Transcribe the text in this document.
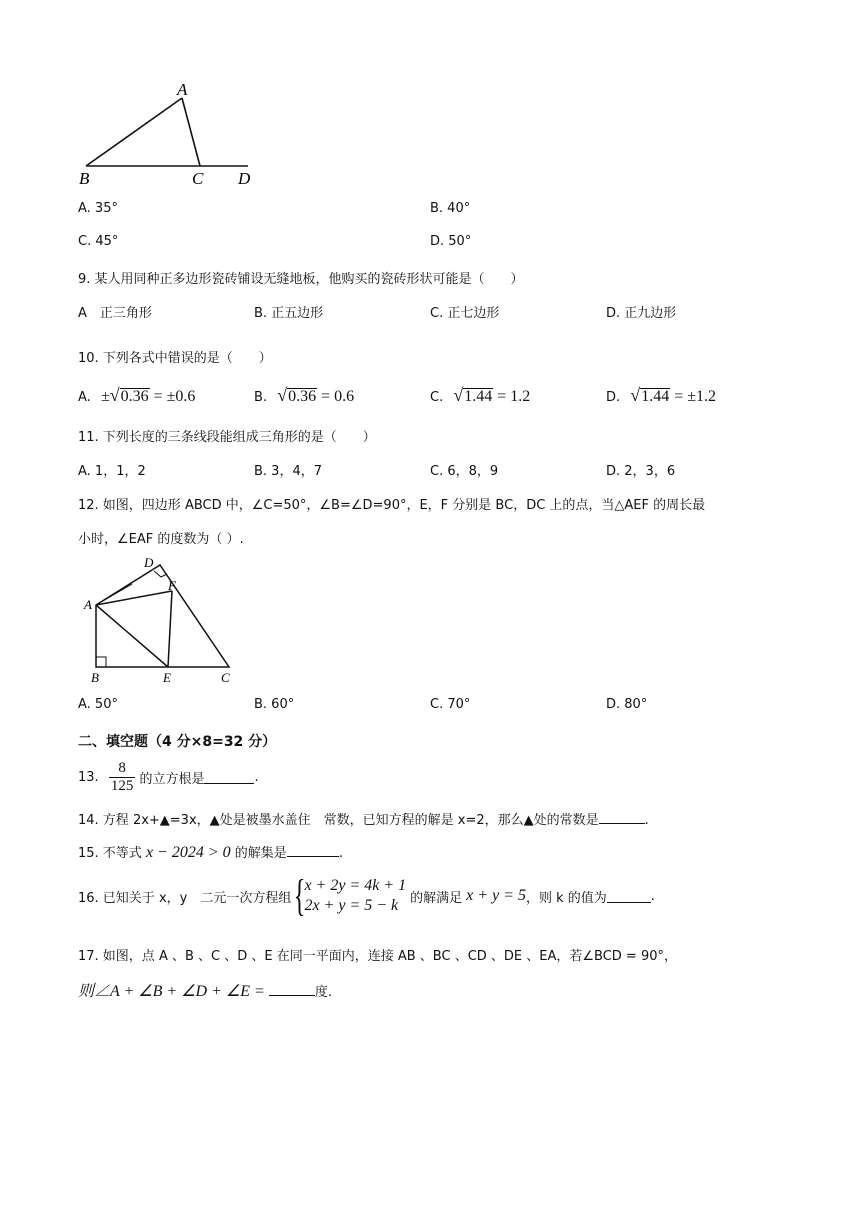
A
B	C D
A. 35°	B. 40°
C. 45°	D. 50°
9. 某人用同种正多边形瓷砖铺设无缝地板，他购买的瓷砖形状可能是（　　）
A　正三角形	B. 正五边形	C. 正七边形	D. 正九边形
10. 下列各式中错误的是（　　）
A. ±√0.36 = ±0.6	B. √0.36 = 0.6	C. √1.44 = 1.2	D. √1.44 = ±1.2
11. 下列长度的三条线段能组成三角形的是（　　）
A. 1，1，2	B. 3，4，7	C. 6，8，9	D. 2，3，6
12. 如图，四边形 ABCD 中，∠C=50°，∠B=∠D=90°，E，F 分别是 BC，DC 上的点，当△AEF 的周长最
小时，∠EAF 的度数为（ ）.
A
B	C
D
E
F
A. 50°	B. 60°	C. 70°	D. 80°
二、填空题（4 分×8=32 分）
13. $\frac{8}{125}$ 的立方根是	.
14. 方程 2x+▲=3x，▲处是被墨水盖住　常数，已知方程的解是 x=2，那么▲处的常数是	.
15. 不等式 x − 2024 > 0 的解集是	.
16. 已知关于 x，y　二元一次方程组 {
x + 2y = 4k + 1
2x + y = 5 − k 的解满足 x + y = 5 ，则 k 的值为	.
17. 如图，点 A 、B 、C 、D 、E 在同一平面内，连接 AB 、BC 、CD 、DE 、EA，若∠BCD = 90°，
则∠A + ∠B + ∠D + ∠E =	度.
